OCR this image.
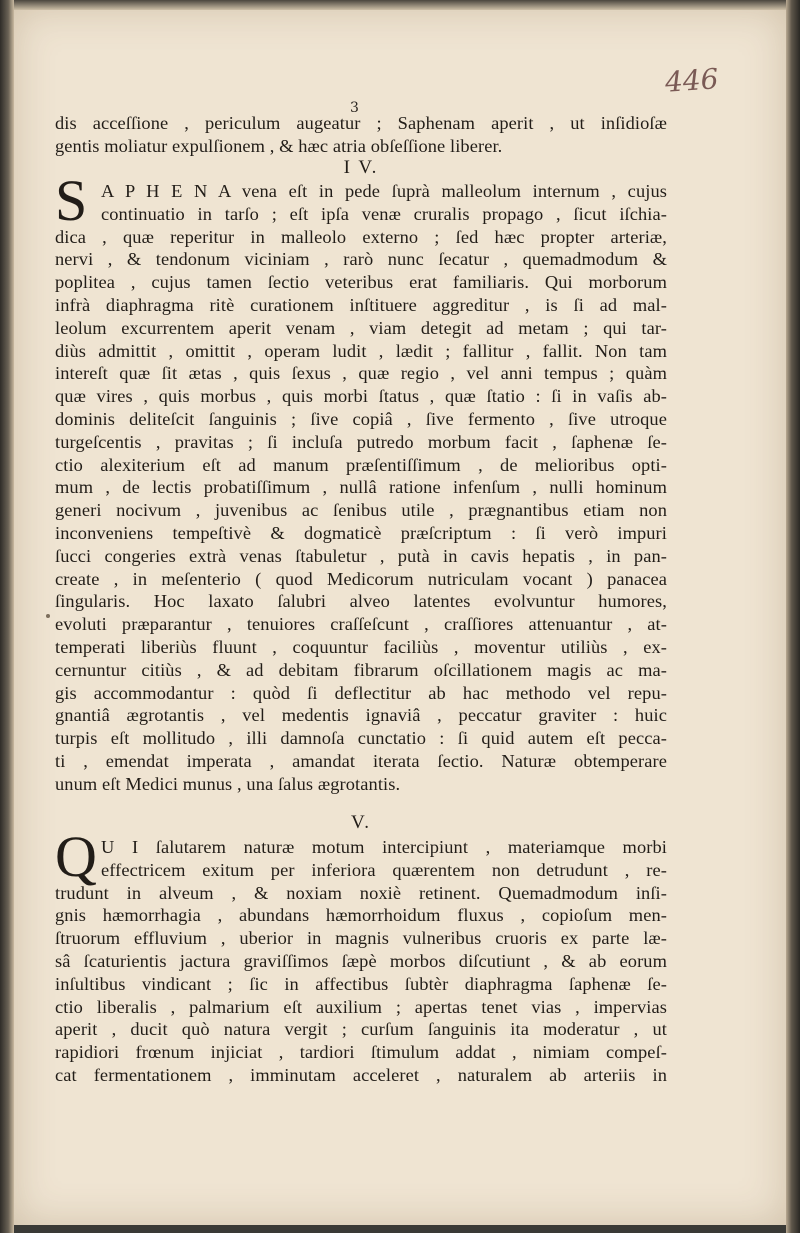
446
3
dis acceſſione , periculum augeatur ; Saphenam aperit , ut inſidioſæ
gentis moliatur expulſionem , & hæc atria obſeſſione liberer.
I V.
S A P H E N A vena eſt in pede ſuprà malleolum internum , cujus
continuatio in tarſo ; eſt ipſa venæ cruralis propago , ſicut iſchia-
dica , quæ reperitur in malleolo externo ; ſed hæc propter arteriæ,
nervi , & tendonum viciniam , rarò nunc ſecatur , quemadmodum &
poplitea , cujus tamen ſectio veteribus erat familiaris. Qui morborum
infrà diaphragma ritè curationem inſtituere aggreditur , is ſi ad mal-
leolum excurrentem aperit venam , viam detegit ad metam ; qui tar-
diùs admittit , omittit , operam ludit , lædit ; fallitur , fallit. Non tam
intereſt quæ ſit ætas , quis ſexus , quæ regio , vel anni tempus ; quàm
quæ vires , quis morbus , quis morbi ſtatus , quæ ſtatio : ſi in vaſis ab-
dominis deliteſcit ſanguinis ; ſive copiâ , ſive fermento , ſive utroque
turgeſcentis , pravitas ; ſi incluſa putredo morbum facit , ſaphenæ ſe-
ctio alexiterium eſt ad manum præſentiſſimum , de melioribus opti-
mum , de lectis probatiſſimum , nullâ ratione infenſum , nulli hominum
generi nocivum , juvenibus ac ſenibus utile , prægnantibus etiam non
inconveniens tempeſtivè & dogmaticè præſcriptum : ſi verò impuri
ſucci congeries extrà venas ſtabuletur , putà in cavis hepatis , in pan-
create , in meſenterio ( quod Medicorum nutriculam vocant ) panacea
ſingularis. Hoc laxato ſalubri alveo latentes evolvuntur humores,
evoluti præparantur , tenuiores craſſeſcunt , craſſiores attenuantur , at-
temperati liberiùs fluunt , coquuntur faciliùs , moventur utiliùs , ex-
cernuntur citiùs , & ad debitam fibrarum oſcillationem magis ac ma-
gis accommodantur : quòd ſi deflectitur ab hac methodo vel repu-
gnantiâ ægrotantis , vel medentis ignaviâ , peccatur graviter : huic
turpis eſt mollitudo , illi damnoſa cunctatio : ſi quid autem eſt pecca-
ti , emendat imperata , amandat iterata ſectio. Naturæ obtemperare
unum eſt Medici munus , una ſalus ægrotantis.
V.
Q U I ſalutarem naturæ motum intercipiunt , materiamque morbi
effectricem exitum per inferiora quærentem non detrudunt , re-
trudunt in alveum , & noxiam noxiè retinent. Quemadmodum inſi-
gnis hæmorrhagia , abundans hæmorrhoidum fluxus , copioſum men-
ſtruorum effluvium , uberior in magnis vulneribus cruoris ex parte læ-
sâ ſcaturientis jactura graviſſimos ſæpè morbos diſcutiunt , & ab eorum
inſultibus vindicant ; ſic in affectibus ſubtèr diaphragma ſaphenæ ſe-
ctio liberalis , palmarium eſt auxilium ; apertas tenet vias , impervias
aperit , ducit quò natura vergit ; curſum ſanguinis ita moderatur , ut
rapidiori frœnum injiciat , tardiori ſtimulum addat , nimiam compeſ-
cat fermentationem , imminutam acceleret , naturalem ab arteriis in
